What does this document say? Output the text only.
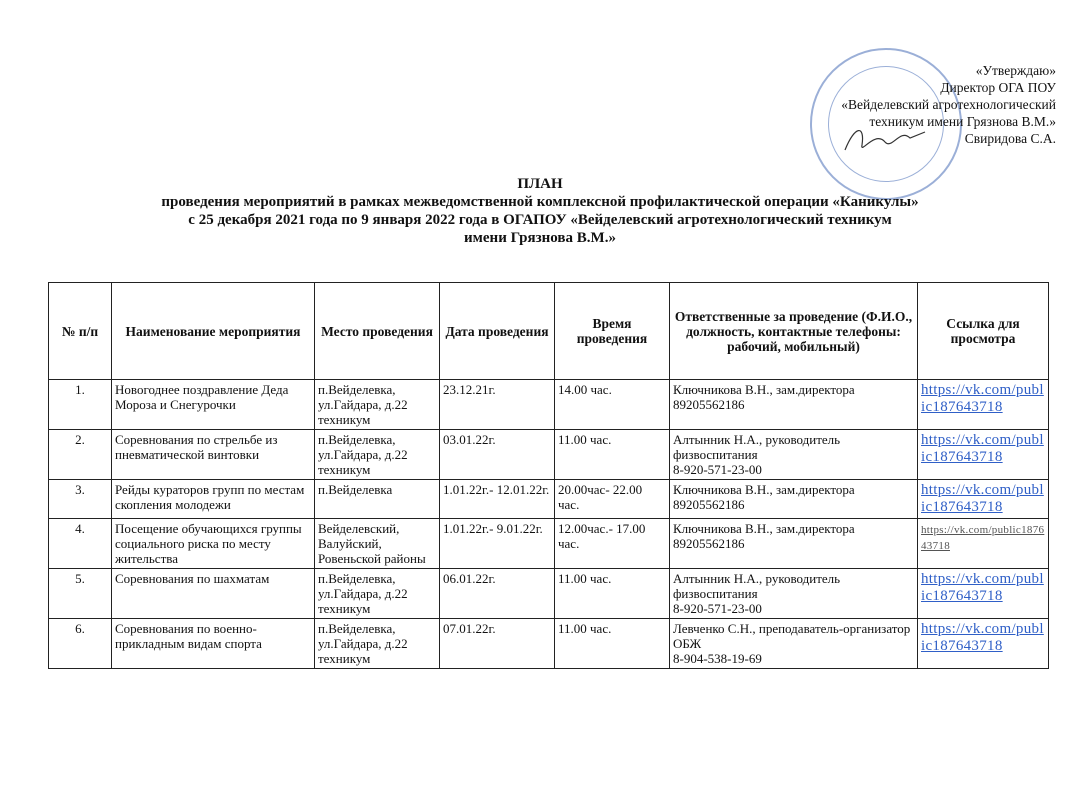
«Утверждаю»
Директор ОГА ПОУ
«Вейделевский агротехнологический
техникум имени Грязнова В.М.»
Свиридова С.А.
ПЛАН
проведения мероприятий в рамках межведомственной комплексной профилактической операции «Каникулы»
с 25 декабря 2021 года по 9 января 2022 года в ОГАПОУ «Вейделевский агротехнологический техникум
имени Грязнова В.М.»
№ п/п	Наименование мероприятия	Место проведения	Дата проведения	Время проведения	Ответственные за проведение (Ф.И.О., должность, контактные телефоны: рабочий, мобильный)	Ссылка для просмотра
1.	Новогоднее поздравление Деда Мороза и Снегурочки	п.Вейделевка, ул.Гайдара, д.22 техникум	23.12.21г.	14.00 час.	Ключникова В.Н., зам.директора
89205562186	https://vk.com/public187643718
2.	Соревнования по стрельбе из пневматической винтовки	п.Вейделевка, ул.Гайдара, д.22 техникум	03.01.22г.	11.00 час.	Алтынник Н.А., руководитель физвоспитания
8-920-571-23-00	https://vk.com/public187643718
3.	Рейды кураторов групп по местам скопления молодежи	п.Вейделевка	1.01.22г.- 12.01.22г.	20.00час- 22.00 час.	Ключникова В.Н., зам.директора
89205562186	https://vk.com/public187643718
4.	Посещение обучающихся группы социального риска по месту жительства	Вейделевский, Валуйский, Ровеньской районы	1.01.22г.- 9.01.22г.	12.00час.- 17.00 час.	Ключникова В.Н., зам.директора
89205562186	https://vk.com/public187643718
5.	Соревнования по шахматам	п.Вейделевка, ул.Гайдара, д.22 техникум	06.01.22г.	11.00 час.	Алтынник Н.А., руководитель физвоспитания
8-920-571-23-00	https://vk.com/public187643718
6.	Соревнования по военно-прикладным видам спорта	п.Вейделевка, ул.Гайдара, д.22 техникум	07.01.22г.	11.00 час.	Левченко С.Н., преподаватель-организатор ОБЖ
8-904-538-19-69	https://vk.com/public187643718
